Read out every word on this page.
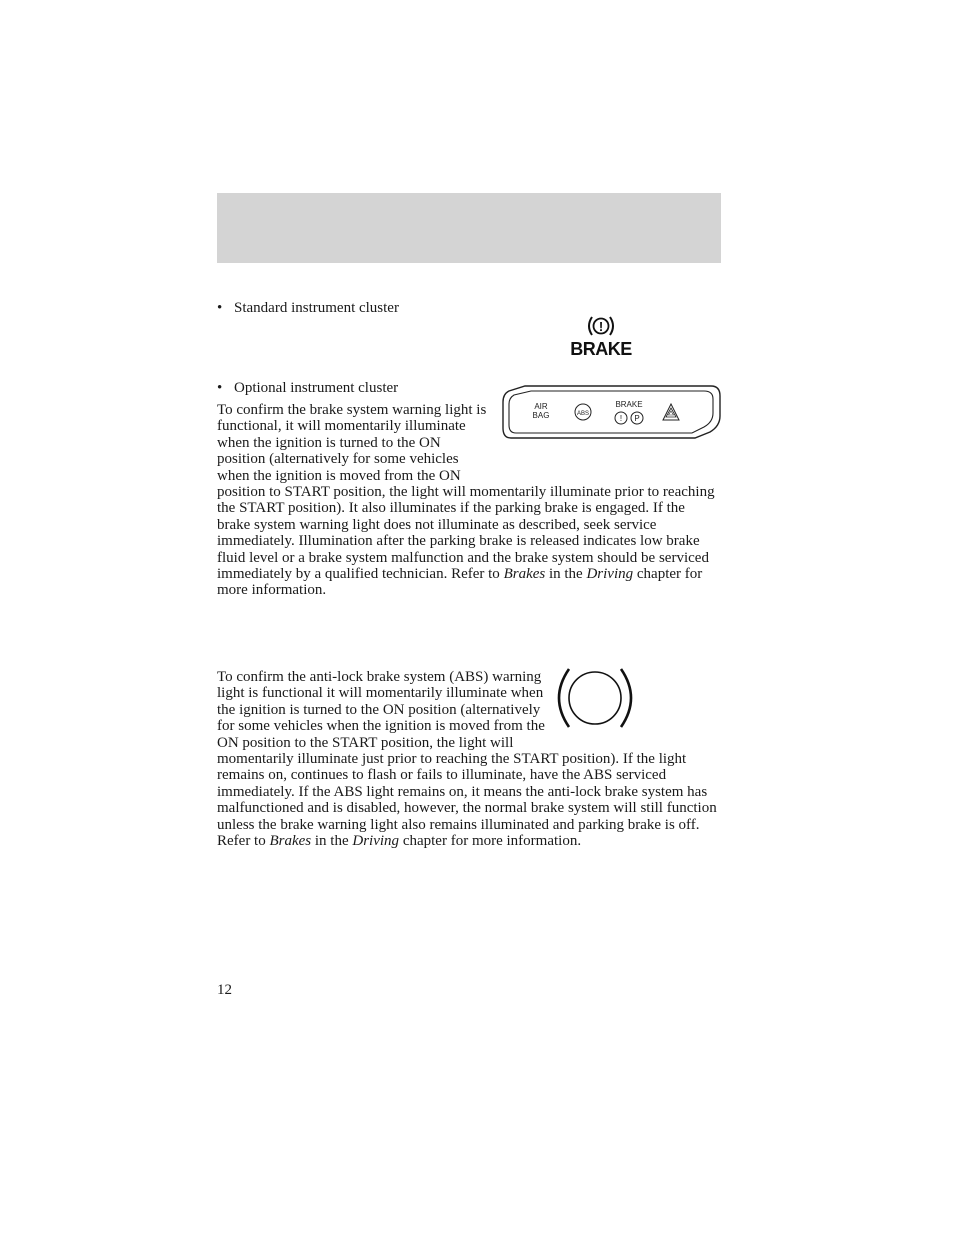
• Standard instrument cluster
!
BRAKE
• Optional instrument cluster

AIR
BAG	ABS
BRAKE
! P
To confirm the brake system warning light is functional, it will momentarily illuminate when the ignition is turned to the ON position (alternatively for some vehicles when the ignition is moved from the ON position to START position, the light will momentarily illuminate prior to reaching the START position). It also illuminates if the parking brake is engaged. If the brake system warning light does not illuminate as described, seek service immediately. Illumination after the parking brake is released indicates low brake fluid level or a brake system malfunction and the brake system should be serviced immediately by a qualified technician. Refer to Brakes in the Driving chapter for more information.

To confirm the anti-lock brake system (ABS) warning light is functional it will momentarily illuminate when the ignition is turned to the ON position (alternatively for some vehicles when the ignition is moved from the ON position to the START position, the light will momentarily illuminate just prior to reaching the START position). If the light remains on, continues to flash or fails to illuminate, have the ABS serviced immediately. If the ABS light remains on, it means the anti-lock brake system has malfunctioned and is disabled, however, the normal brake system will still function unless the brake warning light also remains illuminated and parking brake is off. Refer to Brakes in the Driving chapter for more information.

12
